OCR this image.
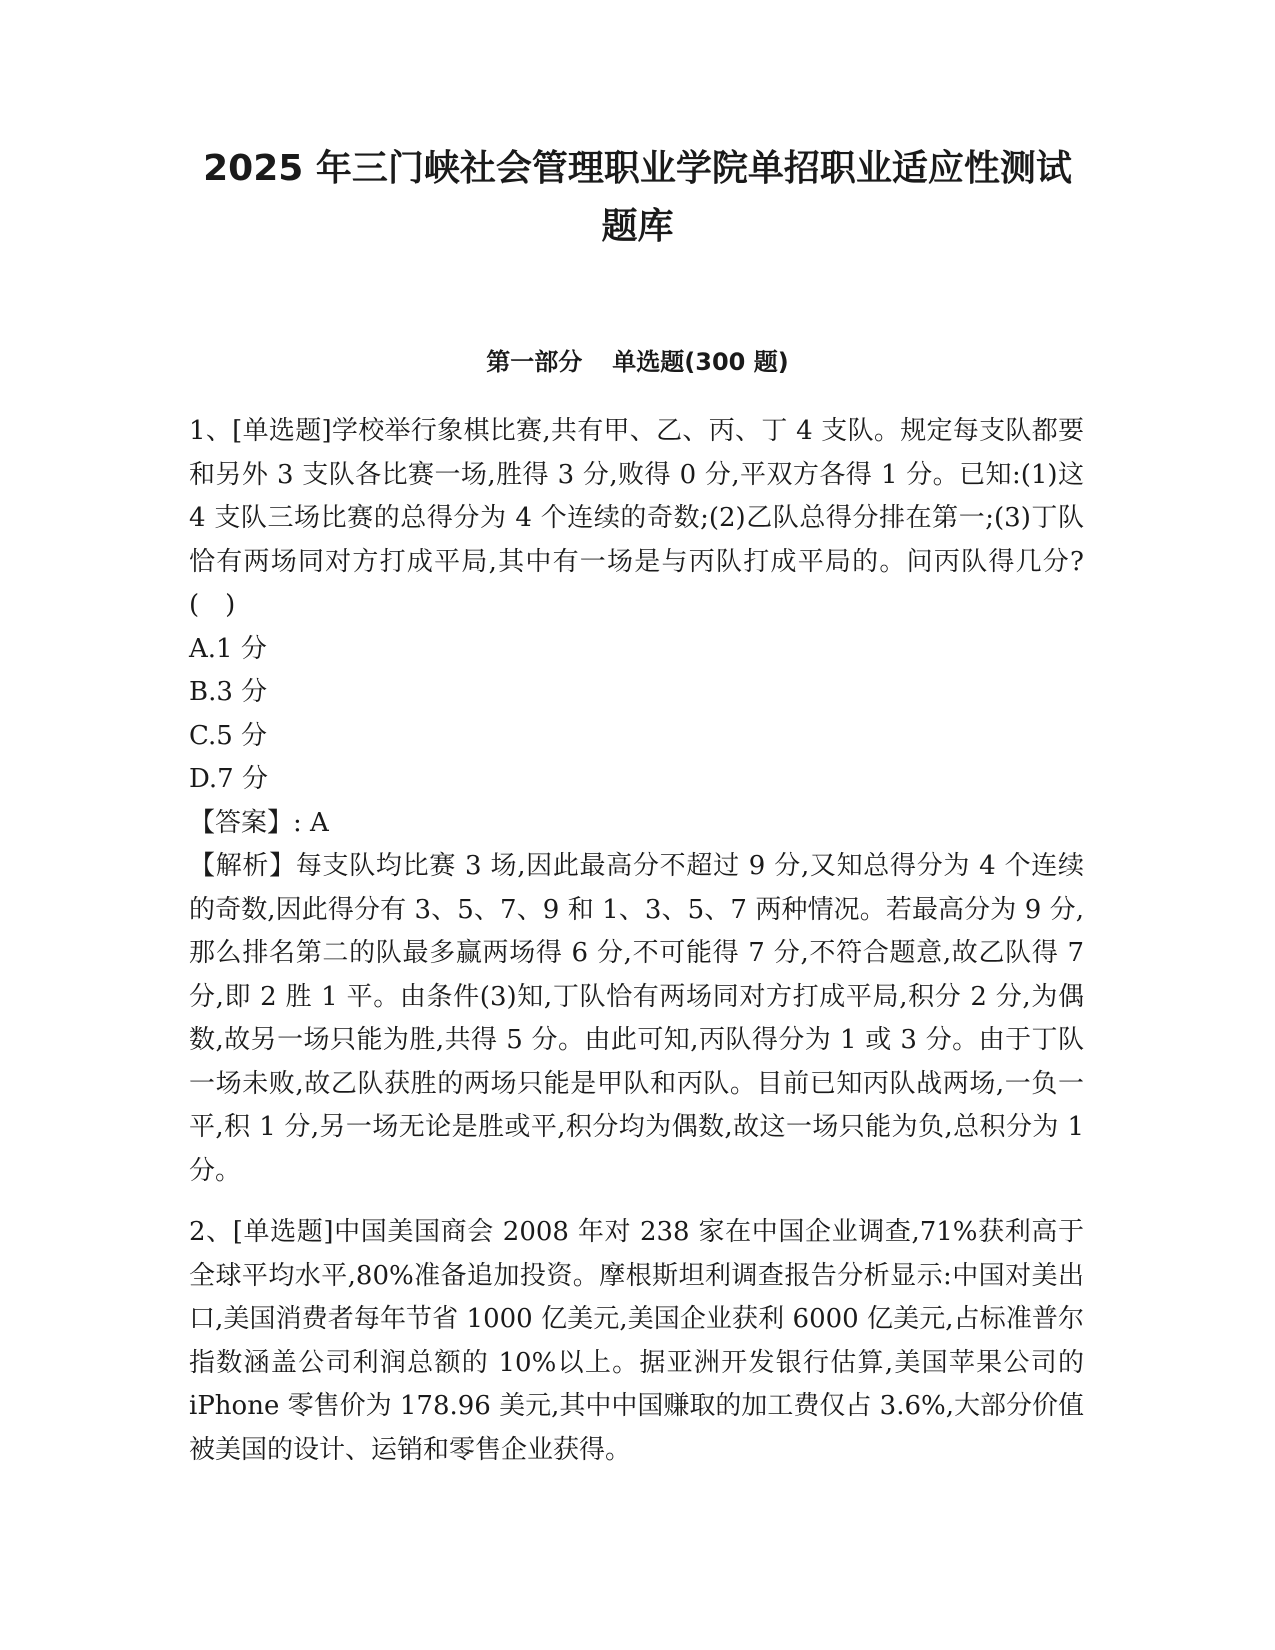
2025 年三门峡社会管理职业学院单招职业适应性测试
题库
第一部分 单选题(300 题)

1、[单选题]学校举行象棋比赛,共有甲、乙、丙、丁 4 支队。规定每支队都要和另外 3 支队各比赛一场,胜得 3 分,败得 0 分,平双方各得 1 分。已知:(1)这 4 支队三场比赛的总得分为 4 个连续的奇数;(2)乙队总得分排在第一;(3)丁队恰有两场同对方打成平局,其中有一场是与丙队打成平局的。问丙队得几分?(　)

A.1 分
B.3 分
C.5 分
D.7 分

【答案】: A

【解析】每支队均比赛 3 场,因此最高分不超过 9 分,又知总得分为 4 个连续的奇数,因此得分有 3、5、7、9 和 1、3、5、7 两种情况。若最高分为 9 分,那么排名第二的队最多赢两场得 6 分,不可能得 7 分,不符合题意,故乙队得 7 分,即 2 胜 1 平。由条件(3)知,丁队恰有两场同对方打成平局,积分 2 分,为偶数,故另一场只能为胜,共得 5 分。由此可知,丙队得分为 1 或 3 分。由于丁队一场未败,故乙队获胜的两场只能是甲队和丙队。目前已知丙队战两场,一负一平,积 1 分,另一场无论是胜或平,积分均为偶数,故这一场只能为负,总积分为 1 分。

2、[单选题]中国美国商会 2008 年对 238 家在中国企业调查,71%获利高于全球平均水平,80%准备追加投资。摩根斯坦利调查报告分析显示:中国对美出口,美国消费者每年节省 1000 亿美元,美国企业获利 6000 亿美元,占标准普尔指数涵盖公司利润总额的 10%以上。据亚洲开发银行估算,美国苹果公司的 iPhone 零售价为 178.96 美元,其中中国赚取的加工费仅占 3.6%,大部分价值被美国的设计、运销和零售企业获得。
